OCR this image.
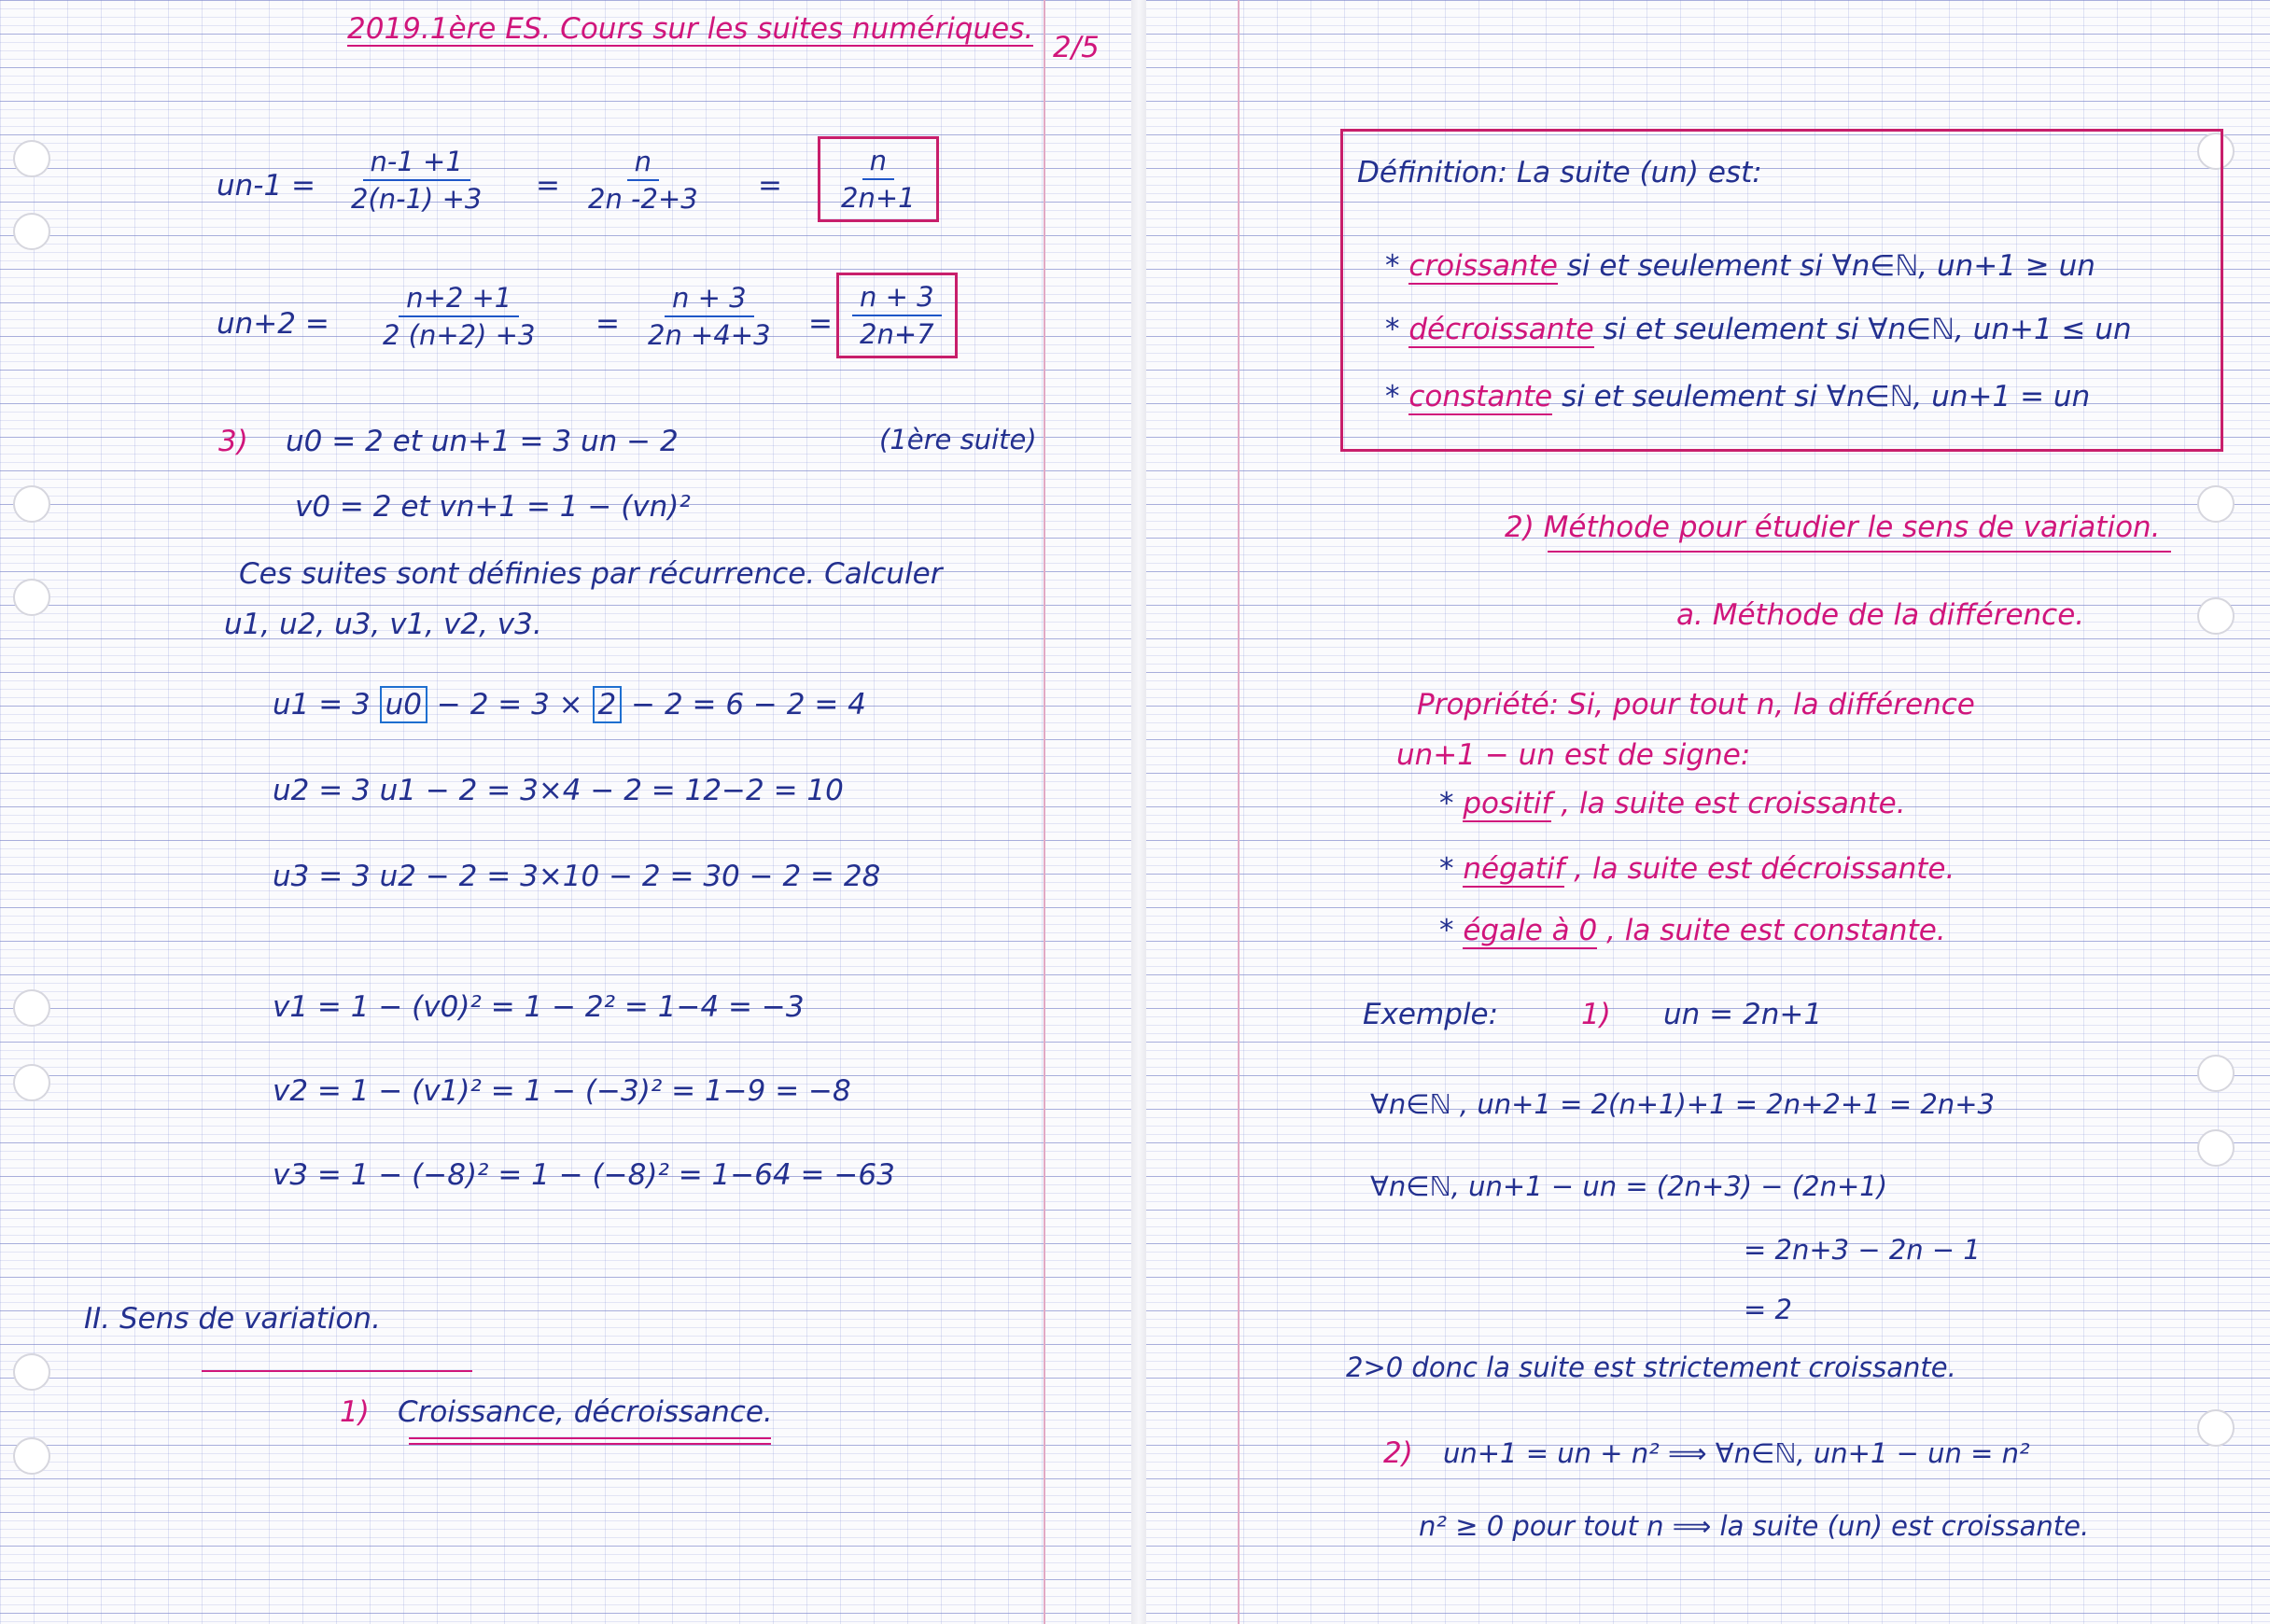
2019.1ère ES. Cours sur les suites numériques.
2/5
$un-1 = \frac{n-1 +1}{2(n-1) +3} = \frac{n}{2n -2+3} = \frac{n}{2n+1}$
$un+2 = \frac{n+2 +1}{2 (n+2) +3} = \frac{n + 3}{2n +4+3} = \frac{n + 3}{2n+7}$
3) u0 = 2 et un+1 = 3 un − 2	(1ère suite)
v0 = 2 et vn+1 = 1 − (vn)²
Ces suites sont définies par récurrence. Calculer
u1, u2, u3, v1, v2, v3.
u1 = 3 u0 − 2 = 3 × 2 − 2 = 6 − 2 = 4
u2 = 3 u1 − 2 = 3×4 − 2 = 12−2 = 10
u3 = 3 u2 − 2 = 3×10 − 2 = 30 − 2 = 28
v1 = 1 − (v0)² = 1 − 2² = 1−4 = −3
v2 = 1 − (v1)² = 1 − (−3)² = 1−9 = −8
v3 = 1 − (−8)² = 1 − (−8)² = 1−64 = −63
II. Sens de variation.
1) Croissance, décroissance.
Définition: La suite (un) est:
* croissante si et seulement si ∀n∈ℕ, un+1 ≥ un
* décroissante si et seulement si ∀n∈ℕ, un+1 ≤ un
* constante si et seulement si ∀n∈ℕ, un+1 = un
2) Méthode pour étudier le sens de variation.
a. Méthode de la différence.
Propriété: Si, pour tout n, la différence
un+1 − un est de signe:
* positif , la suite est croissante.
* négatif , la suite est décroissante.
* égale à 0 , la suite est constante.
Exemple:	1) un = 2n+1
∀n∈ℕ , un+1 = 2(n+1)+1 = 2n+2+1 = 2n+3
∀n∈ℕ, un+1 − un = (2n+3) − (2n+1)
= 2n+3 − 2n − 1
= 2
2>0 donc la suite est strictement croissante.
2) un+1 = un + n² ⟹ ∀n∈ℕ, un+1 − un = n²
n² ≥ 0 pour tout n ⟹ la suite (un) est croissante.
